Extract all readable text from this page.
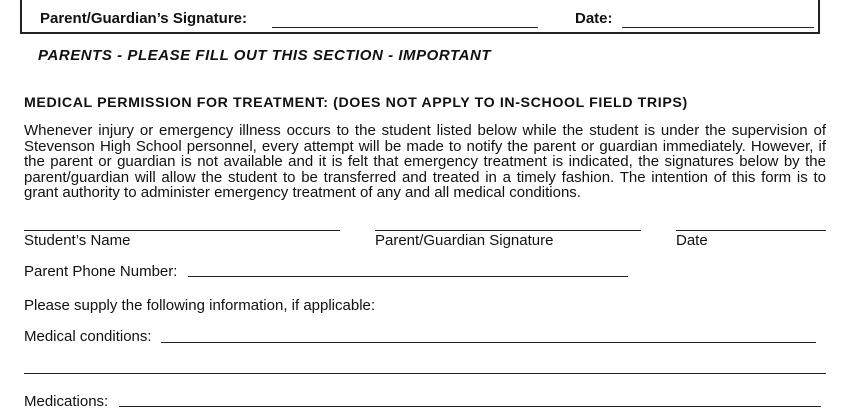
Parent/Guardian’s Signature:	Date:
PARENTS - PLEASE FILL OUT THIS SECTION - IMPORTANT
MEDICAL PERMISSION FOR TREATMENT: (DOES NOT APPLY TO IN-SCHOOL FIELD TRIPS)
Whenever injury or emergency illness occurs to the student listed below while the student is under the supervision of Stevenson High School personnel, every attempt will be made to notify the parent or guardian immediately. However, if the parent or guardian is not available and it is felt that emergency treatment is indicated, the signatures below by the parent/guardian will allow the student to be transferred and treated in a timely fashion. The intention of this form is to grant authority to administer emergency treatment of any and all medical conditions.
Student’s Name	Parent/Guardian Signature	Date
Parent Phone Number:
Please supply the following information, if applicable:
Medical conditions:
Medications:
